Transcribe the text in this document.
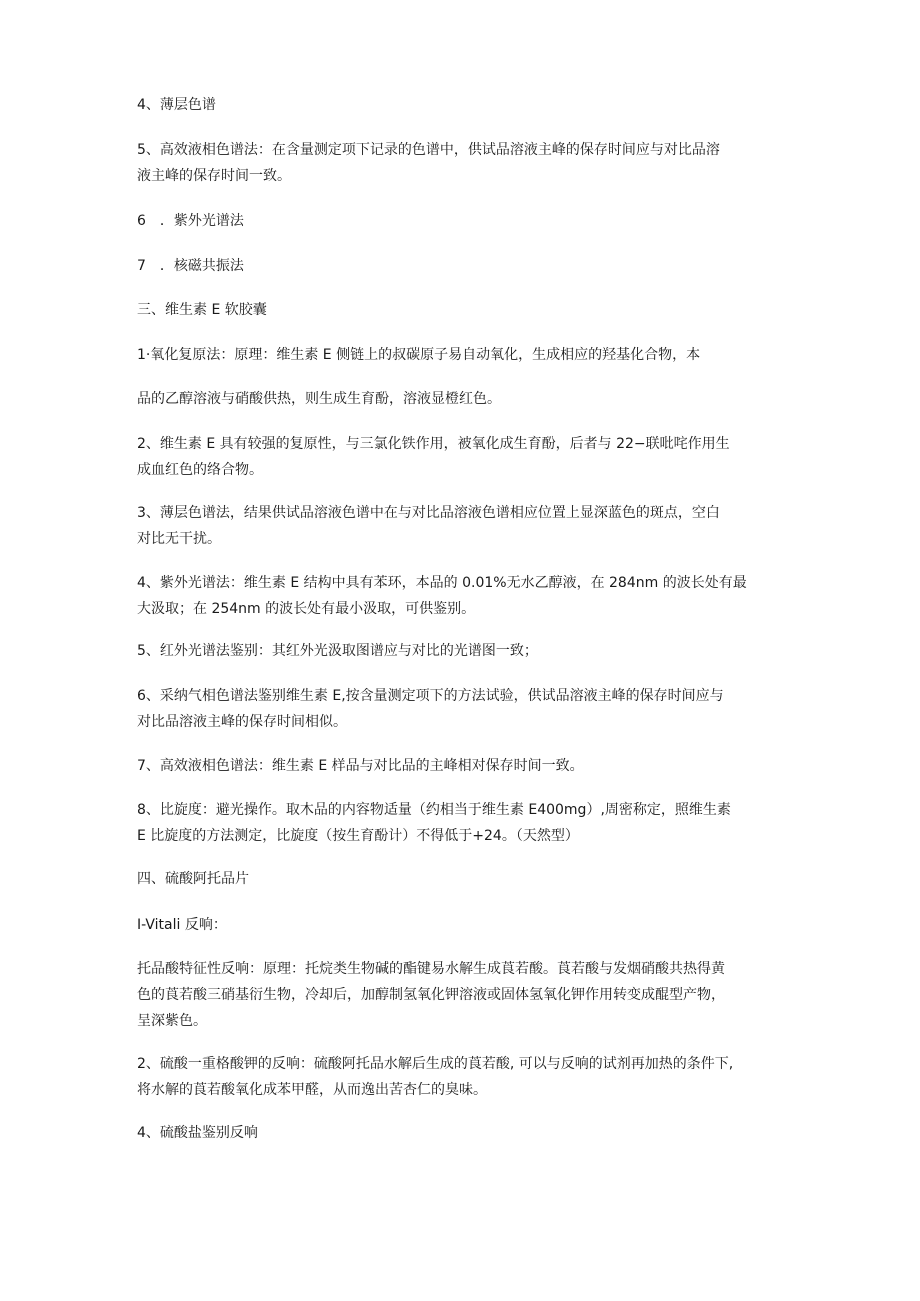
4、薄层色谱

5、高效液相色谱法：在含量测定项下记录的色谱中，供试品溶液主峰的保存时间应与对比品溶
液主峰的保存时间一致。

6　．紫外光谱法

7　．核磁共振法

三、维生素 E 软胶囊

1·氧化复原法：原理：维生素 E 侧链上的叔碳原子易自动氧化，生成相应的羟基化合物，本

品的乙醇溶液与硝酸供热，则生成生育酚，溶液显橙红色。

2、维生素 E 具有较强的复原性，与三氯化铁作用，被氧化成生育酚，后者与 22−联吡咤作用生
成血红色的络合物。

3、薄层色谱法，结果供试品溶液色谱中在与对比品溶液色谱相应位置上显深蓝色的斑点，空白
对比无干扰。

4、紫外光谱法：维生素 E 结构中具有苯环，本品的 0.01%无水乙醇液，在 284nm 的波长处有最
大汲取；在 254nm 的波长处有最小汲取，可供鉴别。

5、红外光谱法鉴别：其红外光汲取图谱应与对比的光谱图一致；

6、采纳气相色谱法鉴别维生素 E,按含量测定项下的方法试验，供试品溶液主峰的保存时间应与
对比品溶液主峰的保存时间相似。

7、高效液相色谱法：维生素 E 样品与对比品的主峰相对保存时间一致。

8、比旋度：避光操作。取木品的内容物适量（约相当于维生素 E400mg）,周密称定，照维生素
E 比旋度的方法测定，比旋度（按生育酚计）不得低于+24。（天然型）

四、硫酸阿托品片

I-Vitali 反响：

托品酸特征性反响：原理：托烷类生物碱的酯键易水解生成莨若酸。莨若酸与发烟硝酸共热得黄
色的莨若酸三硝基衍生物，冷却后，加醇制氢氧化钾溶液或固体氢氧化钾作用转变成醌型产物，
呈深紫色。

2、硫酸一重格酸钾的反响：硫酸阿托品水解后生成的莨若酸, 可以与反响的试剂再加热的条件下,
将水解的莨若酸氧化成苯甲醛，从而逸出苦杏仁的臭味。

4、硫酸盐鉴别反响
